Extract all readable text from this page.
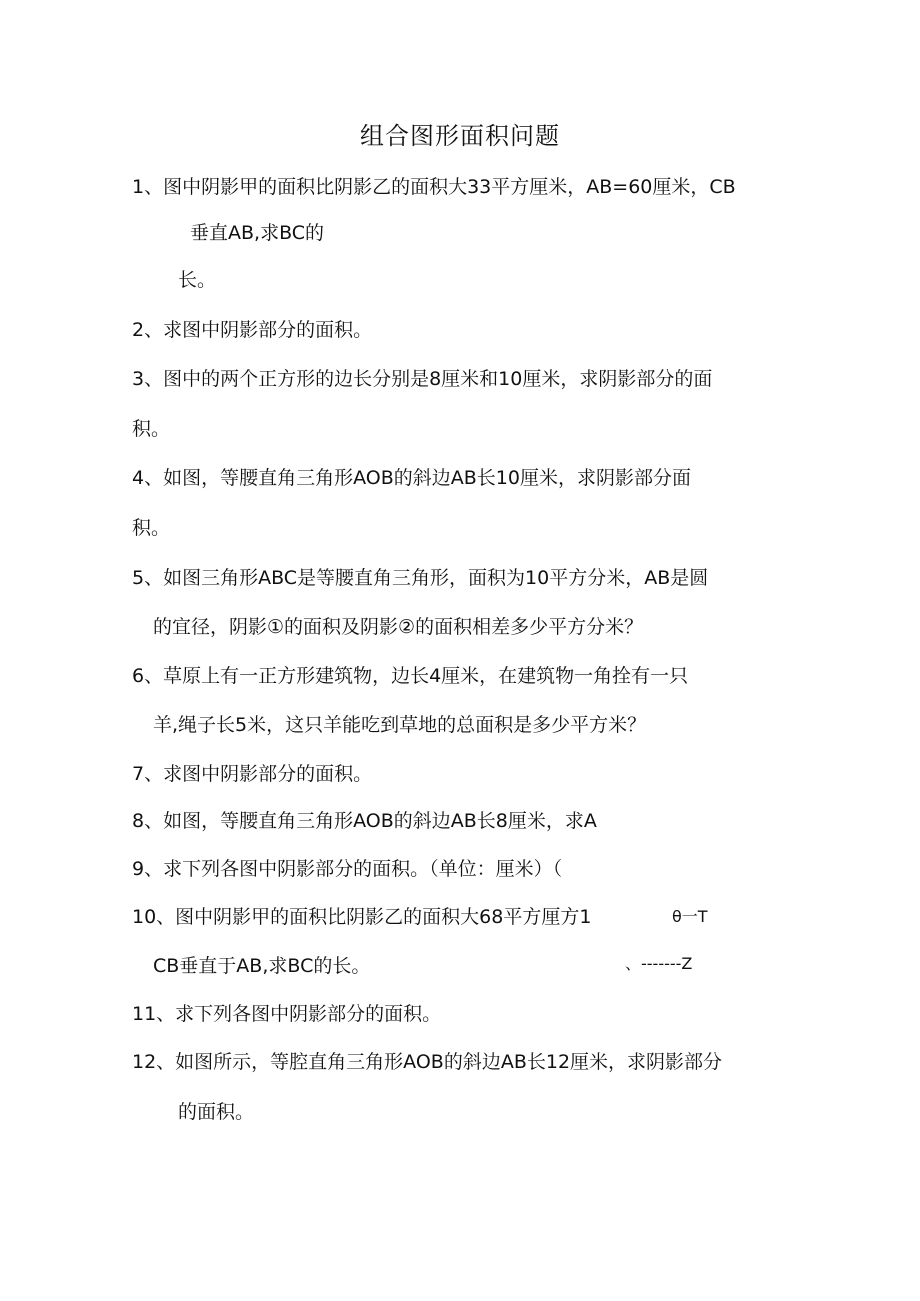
组合图形面积问题
1、图中阴影甲的面积比阴影乙的面积大33平方厘米，AB=60厘米，CB
垂直AB,求BC的
长。
2、求图中阴影部分的面积。
3、图中的两个正方形的边长分别是8厘米和10厘米，求阴影部分的面
积。
4、如图，等腰直角三角形AOB的斜边AB长10厘米，求阴影部分面
积。
5、如图三角形ABC是等腰直角三角形，面积为10平方分米，AB是圆
的宜径，阴影①的面积及阴影②的面积相差多少平方分米？
6、草原上有一正方形建筑物，边长4厘米，在建筑物一角拴有一只
羊,绳子长5米，这只羊能吃到草地的总面积是多少平方米？
7、求图中阴影部分的面积。
8、如图，等腰直角三角形AOB的斜边AB长8厘米，求A
9、求下列各图中阴影部分的面积。（单位：厘米）（
10、图中阴影甲的面积比阴影乙的面积大68平方厘方1	θ一T
CB垂直于AB,求BC的长。	、-------Z
11、求下列各图中阴影部分的面积。
12、如图所示，等腔直角三角形AOB的斜边AB长12厘米，求阴影部分
的面积。
